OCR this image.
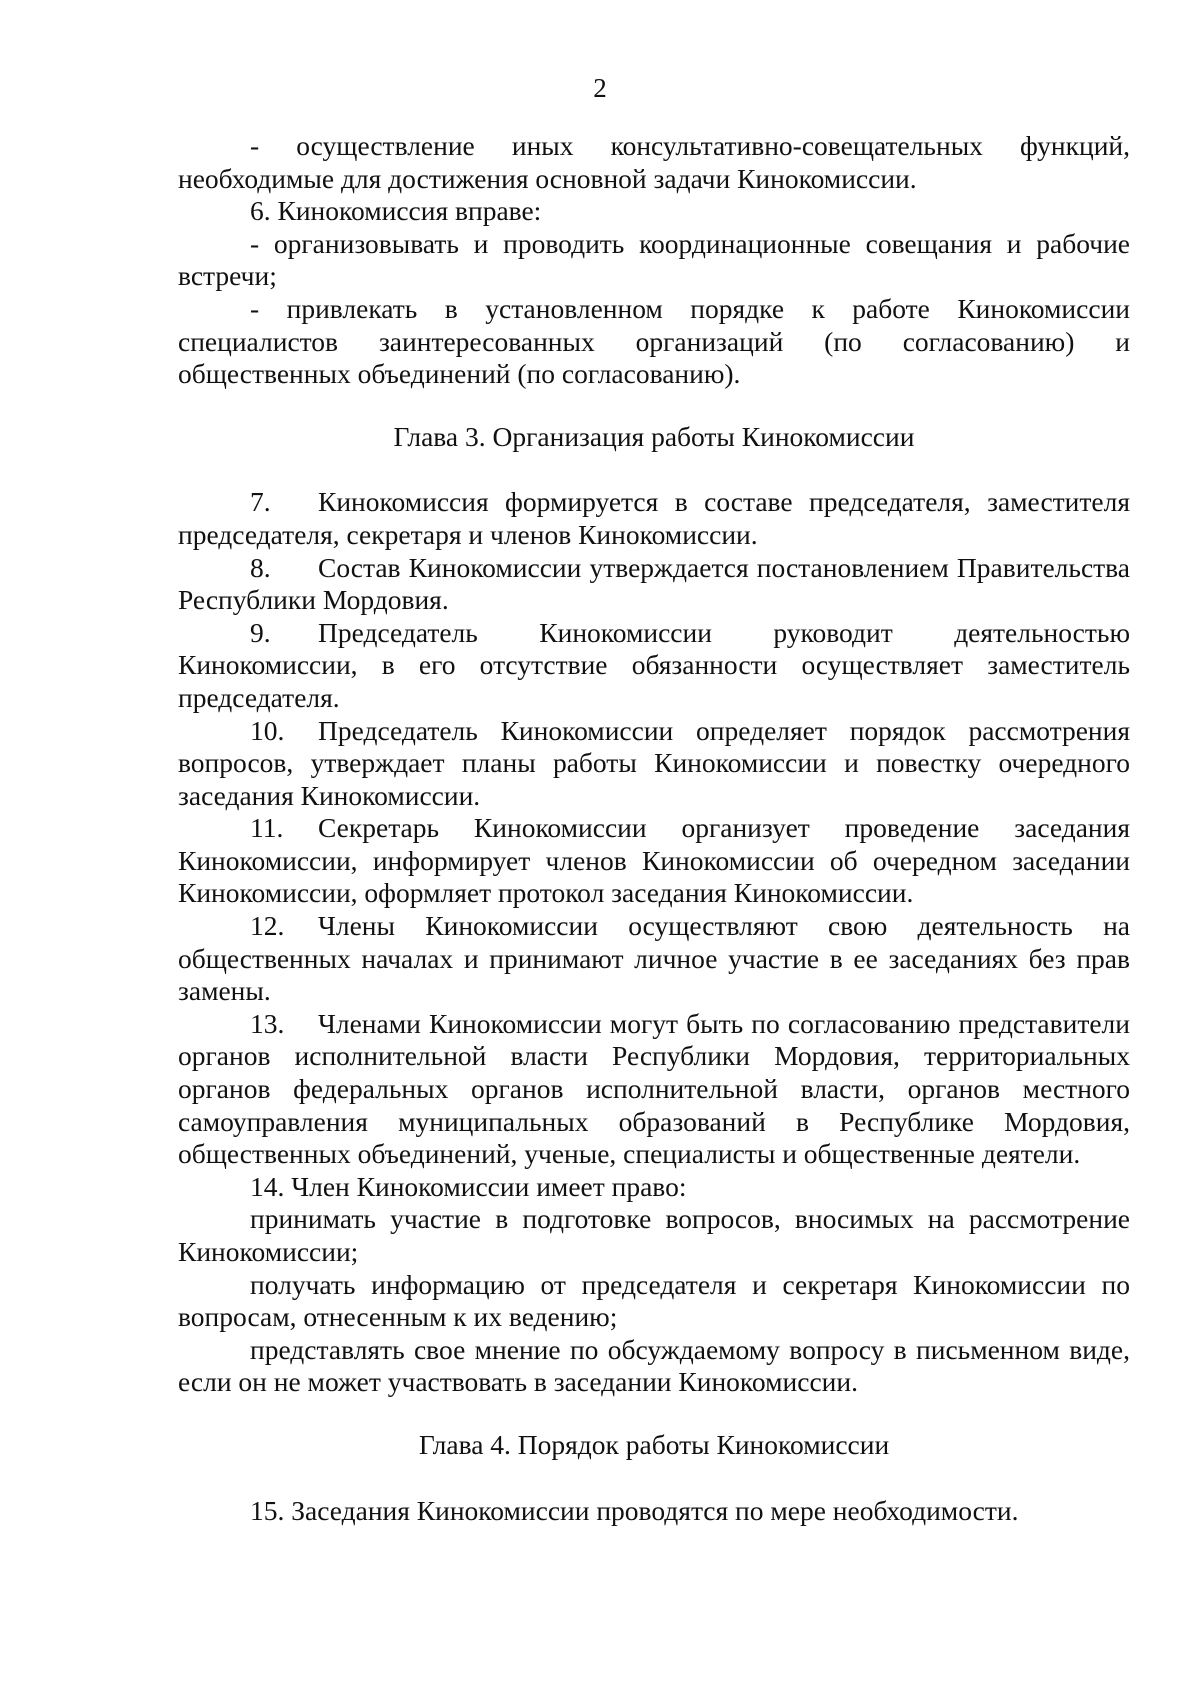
2

- осуществление иных консультативно-совещательных функций, необходимые для достижения основной задачи Кинокомиссии.

6. Кинокомиссия вправе:

- организовывать и проводить координационные совещания и рабочие встречи;

- привлекать в установленном порядке к работе Кинокомиссии специалистов заинтересованных организаций (по согласованию) и общественных объединений (по согласованию).

Глава 3. Организация работы Кинокомиссии

7. Кинокомиссия формируется в составе председателя, заместителя председателя, секретаря и членов Кинокомиссии.

8. Состав Кинокомиссии утверждается постановлением Правительства Республики Мордовия.

9. Председатель Кинокомиссии руководит деятельностью Кинокомиссии, в его отсутствие обязанности осуществляет заместитель председателя.

10. Председатель Кинокомиссии определяет порядок рассмотрения вопросов, утверждает планы работы Кинокомиссии и повестку очередного заседания Кинокомиссии.

11. Секретарь Кинокомиссии организует проведение заседания Кинокомиссии, информирует членов Кинокомиссии об очередном заседании Кинокомиссии, оформляет протокол заседания Кинокомиссии.

12. Члены Кинокомиссии осуществляют свою деятельность на общественных началах и принимают личное участие в ее заседаниях без прав замены.

13. Членами Кинокомиссии могут быть по согласованию представители органов исполнительной власти Республики Мордовия, территориальных органов федеральных органов исполнительной власти, органов местного самоуправления муниципальных образований в Республике Мордовия, общественных объединений, ученые, специалисты и общественные деятели.

14. Член Кинокомиссии имеет право:

принимать участие в подготовке вопросов, вносимых на рассмотрение Кинокомиссии;

получать информацию от председателя и секретаря Кинокомиссии по вопросам, отнесенным к их ведению;

представлять свое мнение по обсуждаемому вопросу в письменном виде, если он не может участвовать в заседании Кинокомиссии.

Глава 4. Порядок работы Кинокомиссии

15. Заседания Кинокомиссии проводятся по мере необходимости.
